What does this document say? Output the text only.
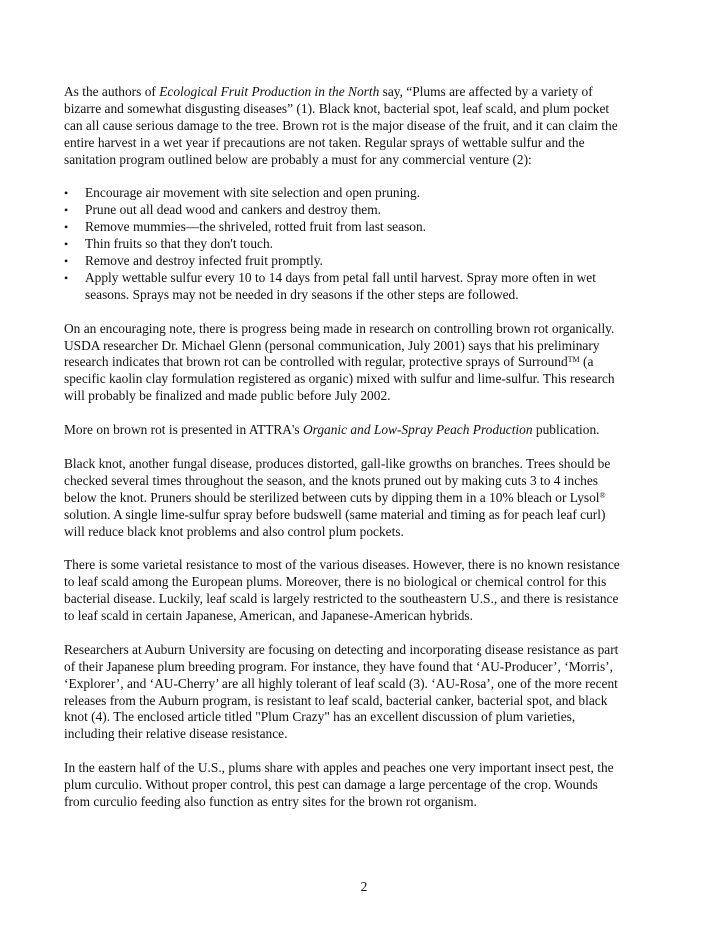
As the authors of Ecological Fruit Production in the North say, “Plums are affected by a variety of bizarre and somewhat disgusting diseases” (1). Black knot, bacterial spot, leaf scald, and plum pocket can all cause serious damage to the tree. Brown rot is the major disease of the fruit, and it can claim the entire harvest in a wet year if precautions are not taken. Regular sprays of wettable sulfur and the sanitation program outlined below are probably a must for any commercial venture (2):

• Encourage air movement with site selection and open pruning.
• Prune out all dead wood and cankers and destroy them.
• Remove mummies—the shriveled, rotted fruit from last season.
• Thin fruits so that they don't touch.
• Remove and destroy infected fruit promptly.
• Apply wettable sulfur every 10 to 14 days from petal fall until harvest. Spray more often in wet seasons. Sprays may not be needed in dry seasons if the other steps are followed.

On an encouraging note, there is progress being made in research on controlling brown rot organically. USDA researcher Dr. Michael Glenn (personal communication, July 2001) says that his preliminary research indicates that brown rot can be controlled with regular, protective sprays of Surround™ (a specific kaolin clay formulation registered as organic) mixed with sulfur and lime-sulfur. This research will probably be finalized and made public before July 2002.

More on brown rot is presented in ATTRA's Organic and Low-Spray Peach Production publication.

Black knot, another fungal disease, produces distorted, gall-like growths on branches. Trees should be checked several times throughout the season, and the knots pruned out by making cuts 3 to 4 inches below the knot. Pruners should be sterilized between cuts by dipping them in a 10% bleach or Lysol® solution. A single lime-sulfur spray before budswell (same material and timing as for peach leaf curl) will reduce black knot problems and also control plum pockets.

There is some varietal resistance to most of the various diseases. However, there is no known resistance to leaf scald among the European plums. Moreover, there is no biological or chemical control for this bacterial disease. Luckily, leaf scald is largely restricted to the southeastern U.S., and there is resistance to leaf scald in certain Japanese, American, and Japanese-American hybrids.

Researchers at Auburn University are focusing on detecting and incorporating disease resistance as part of their Japanese plum breeding program. For instance, they have found that ‘AU-Producer’, ‘Morris’, ‘Explorer’, and ‘AU-Cherry’ are all highly tolerant of leaf scald (3). ‘AU-Rosa’, one of the more recent releases from the Auburn program, is resistant to leaf scald, bacterial canker, bacterial spot, and black knot (4). The enclosed article titled "Plum Crazy" has an excellent discussion of plum varieties, including their relative disease resistance.

In the eastern half of the U.S., plums share with apples and peaches one very important insect pest, the plum curculio. Without proper control, this pest can damage a large percentage of the crop. Wounds from curculio feeding also function as entry sites for the brown rot organism.

2
